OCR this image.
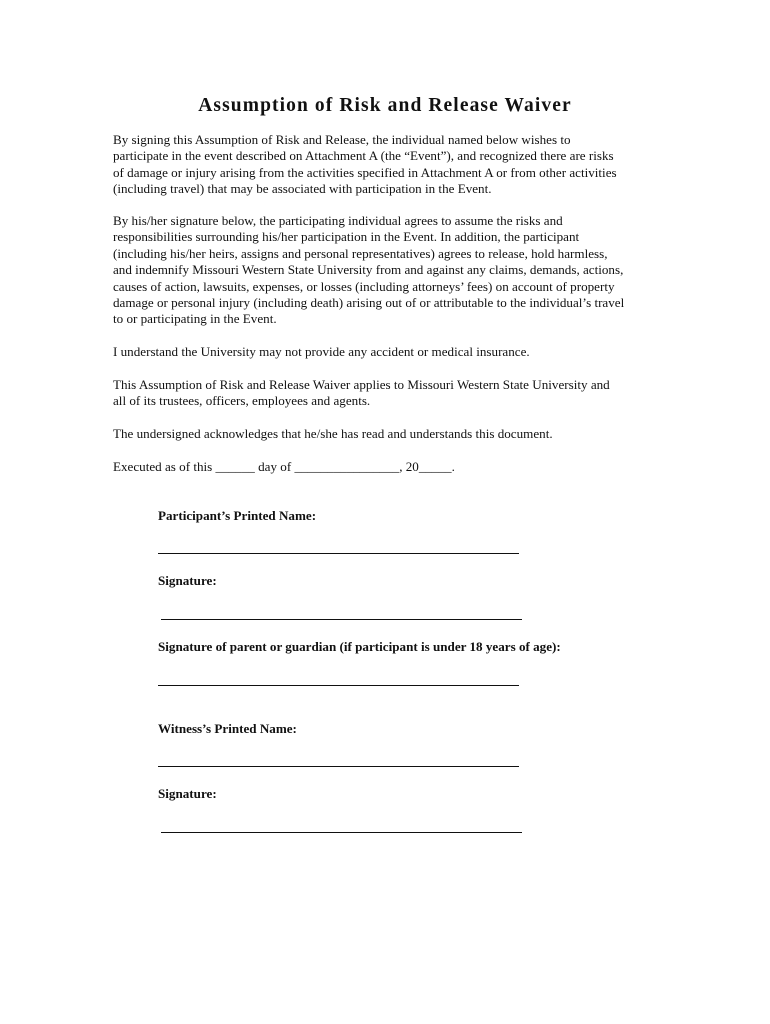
Assumption of Risk and Release Waiver

By signing this Assumption of Risk and Release, the individual named below wishes to
participate in the event described on Attachment A (the “Event”), and recognized there are risks
of damage or injury arising from the activities specified in Attachment A or from other activities
(including travel) that may be associated with participation in the Event.

By his/her signature below, the participating individual agrees to assume the risks and
responsibilities surrounding his/her participation in the Event. In addition, the participant
(including his/her heirs, assigns and personal representatives) agrees to release, hold harmless,
and indemnify Missouri Western State University from and against any claims, demands, actions,
causes of action, lawsuits, expenses, or losses (including attorneys’ fees) on account of property
damage or personal injury (including death) arising out of or attributable to the individual’s travel
to or participating in the Event.

I understand the University may not provide any accident or medical insurance.

This Assumption of Risk and Release Waiver applies to Missouri Western State University and
all of its trustees, officers, employees and agents.

The undersigned acknowledges that he/she has read and understands this document.

Executed as of this ______ day of ________________, 20_____.

Participant’s Printed Name:

Signature:

Signature of parent or guardian (if participant is under 18 years of age):

Witness’s Printed Name:

Signature:
